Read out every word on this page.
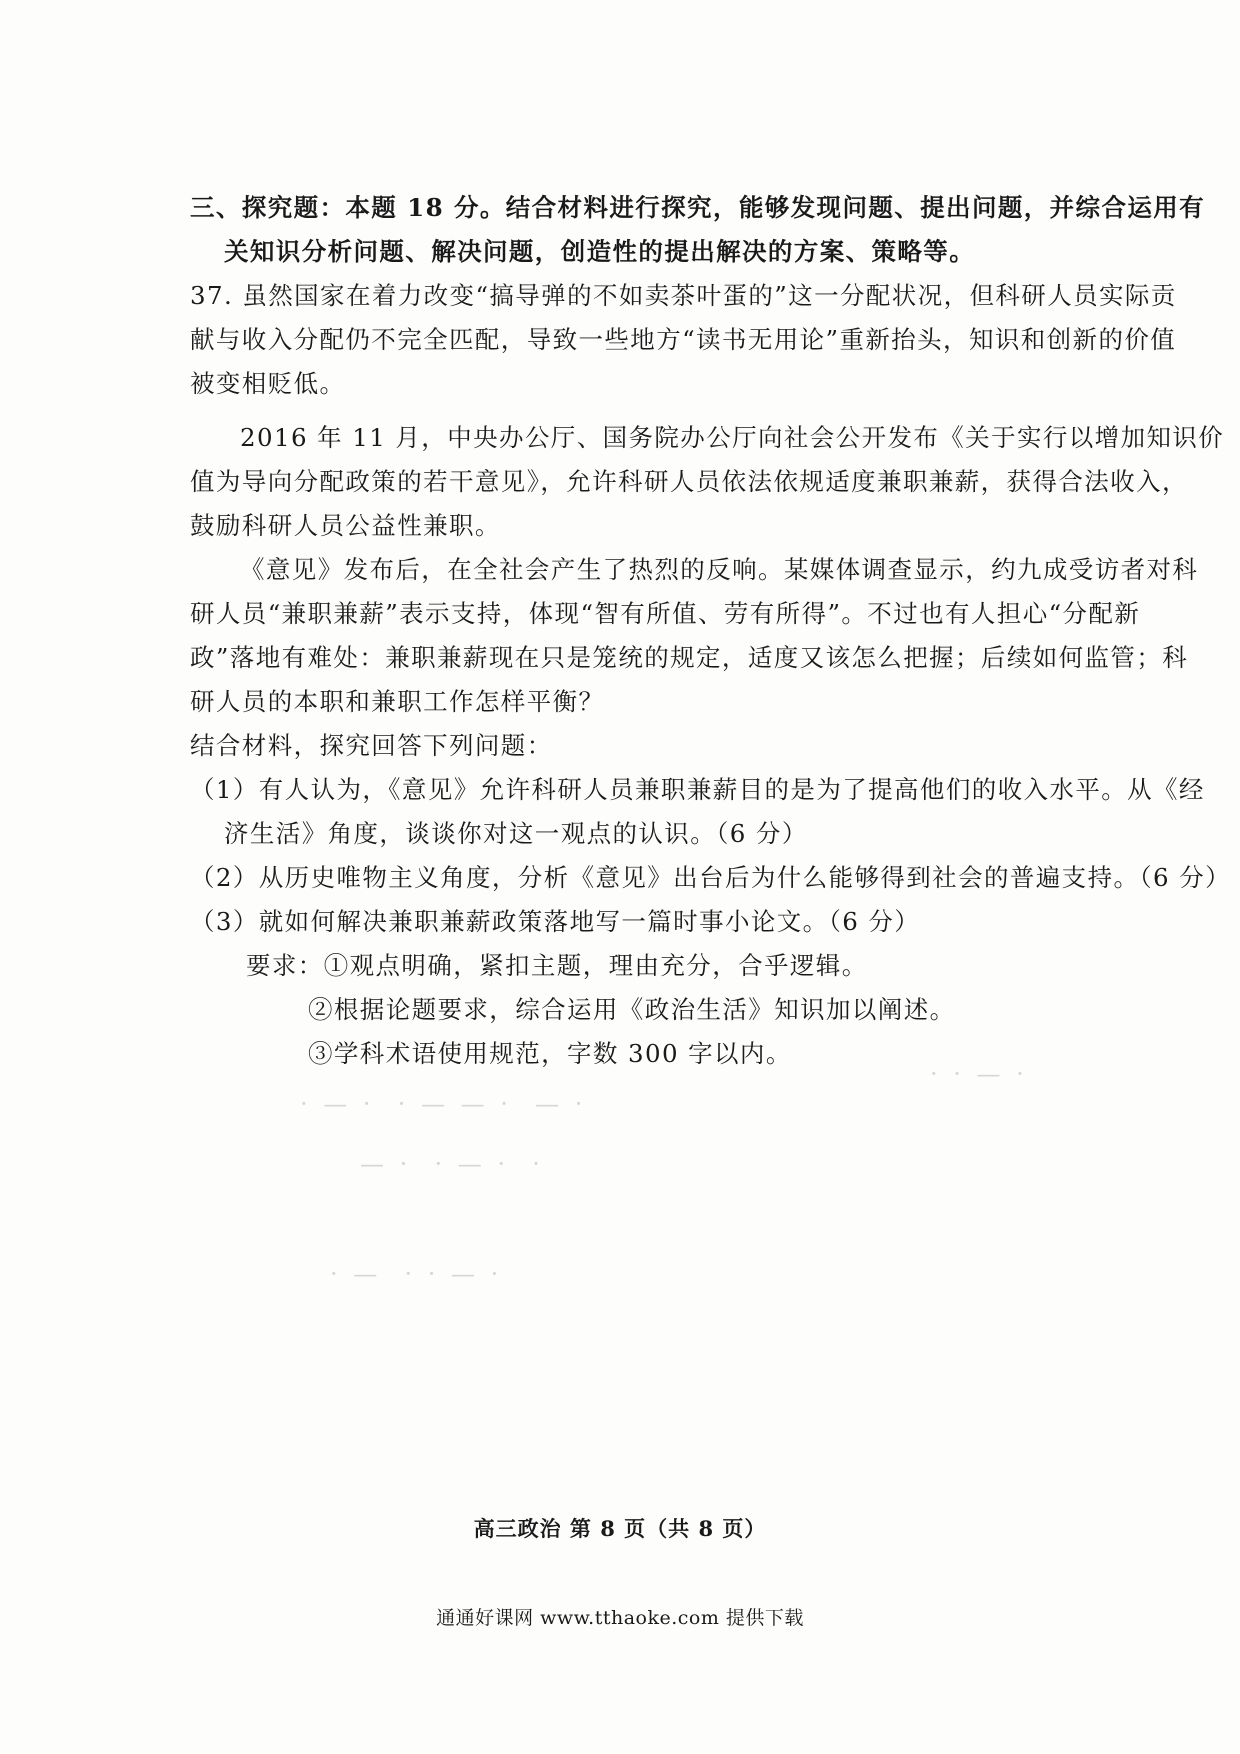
· · — ·
· — ·  · — — ·  — ·
— ·  · — ·  ·
· —  · · — ·
三、探究题：本题 18 分。结合材料进行探究，能够发现问题、提出问题，并综合运用有
关知识分析问题、解决问题，创造性的提出解决的方案、策略等。
37. 虽然国家在着力改变“搞导弹的不如卖茶叶蛋的”这一分配状况，但科研人员实际贡
献与收入分配仍不完全匹配，导致一些地方“读书无用论”重新抬头，知识和创新的价值
被变相贬低。
2016 年 11 月，中央办公厅、国务院办公厅向社会公开发布《关于实行以增加知识价
值为导向分配政策的若干意见》，允许科研人员依法依规适度兼职兼薪，获得合法收入，
鼓励科研人员公益性兼职。
《意见》发布后，在全社会产生了热烈的反响。某媒体调查显示，约九成受访者对科
研人员“兼职兼薪”表示支持，体现“智有所值、劳有所得”。不过也有人担心“分配新
政”落地有难处：兼职兼薪现在只是笼统的规定，适度又该怎么把握；后续如何监管；科
研人员的本职和兼职工作怎样平衡？
结合材料，探究回答下列问题：
（1）有人认为，《意见》允许科研人员兼职兼薪目的是为了提高他们的收入水平。从《经
济生活》角度，谈谈你对这一观点的认识。（6 分）
（2）从历史唯物主义角度，分析《意见》出台后为什么能够得到社会的普遍支持。（6 分）
（3）就如何解决兼职兼薪政策落地写一篇时事小论文。（6 分）
要求：①观点明确，紧扣主题，理由充分，合乎逻辑。
②根据论题要求，综合运用《政治生活》知识加以阐述。
③学科术语使用规范，字数 300 字以内。
高三政治 第 8 页（共 8 页）
通通好课网 www.tthaoke.com 提供下载
